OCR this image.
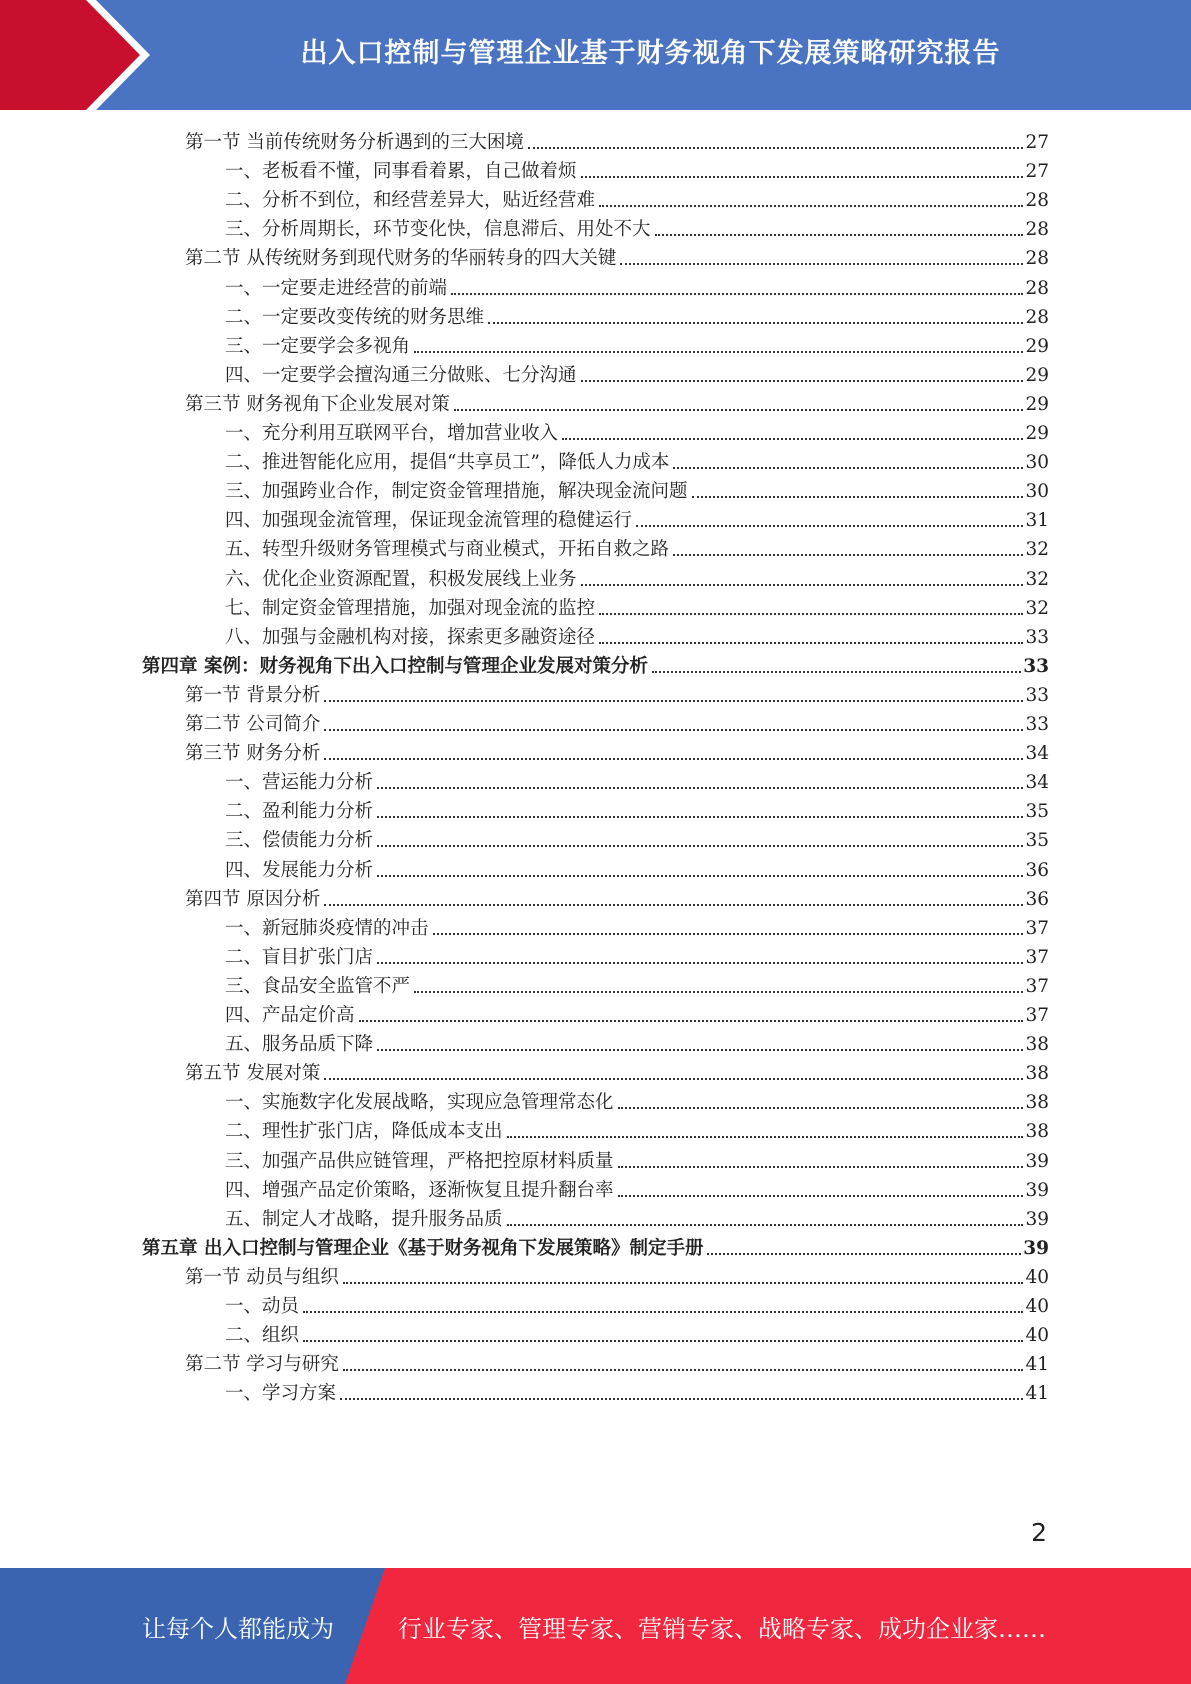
出入口控制与管理企业基于财务视角下发展策略研究报告
第一节 当前传统财务分析遇到的三大困境	27
一、老板看不懂，同事看着累，自己做着烦	27
二、分析不到位，和经营差异大，贴近经营难	28
三、分析周期长，环节变化快，信息滞后、用处不大	28
第二节 从传统财务到现代财务的华丽转身的四大关键	28
一、一定要走进经营的前端	28
二、一定要改变传统的财务思维	28
三、一定要学会多视角	29
四、一定要学会擅沟通三分做账、七分沟通	29
第三节 财务视角下企业发展对策	29
一、充分利用互联网平台，增加营业收入	29
二、推进智能化应用，提倡“共享员工”，降低人力成本	30
三、加强跨业合作，制定资金管理措施，解决现金流问题	30
四、加强现金流管理，保证现金流管理的稳健运行	31
五、转型升级财务管理模式与商业模式，开拓自救之路	32
六、优化企业资源配置，积极发展线上业务	32
七、制定资金管理措施，加强对现金流的监控	32
八、加强与金融机构对接，探索更多融资途径	33
第四章 案例：财务视角下出入口控制与管理企业发展对策分析	33
第一节 背景分析	33
第二节 公司简介	33
第三节 财务分析	34
一、营运能力分析	34
二、盈利能力分析	35
三、偿债能力分析	35
四、发展能力分析	36
第四节 原因分析	36
一、新冠肺炎疫情的冲击	37
二、盲目扩张门店	37
三、食品安全监管不严	37
四、产品定价高	37
五、服务品质下降	38
第五节 发展对策	38
一、实施数字化发展战略，实现应急管理常态化	38
二、理性扩张门店，降低成本支出	38
三、加强产品供应链管理，严格把控原材料质量	39
四、增强产品定价策略，逐渐恢复且提升翻台率	39
五、制定人才战略，提升服务品质	39
第五章 出入口控制与管理企业《基于财务视角下发展策略》制定手册	39
第一节 动员与组织	40
一、动员	40
二、组织	40
第二节 学习与研究	41
一、学习方案	41
2
让每个人都能成为	行业专家、管理专家、营销专家、战略专家、成功企业家……
